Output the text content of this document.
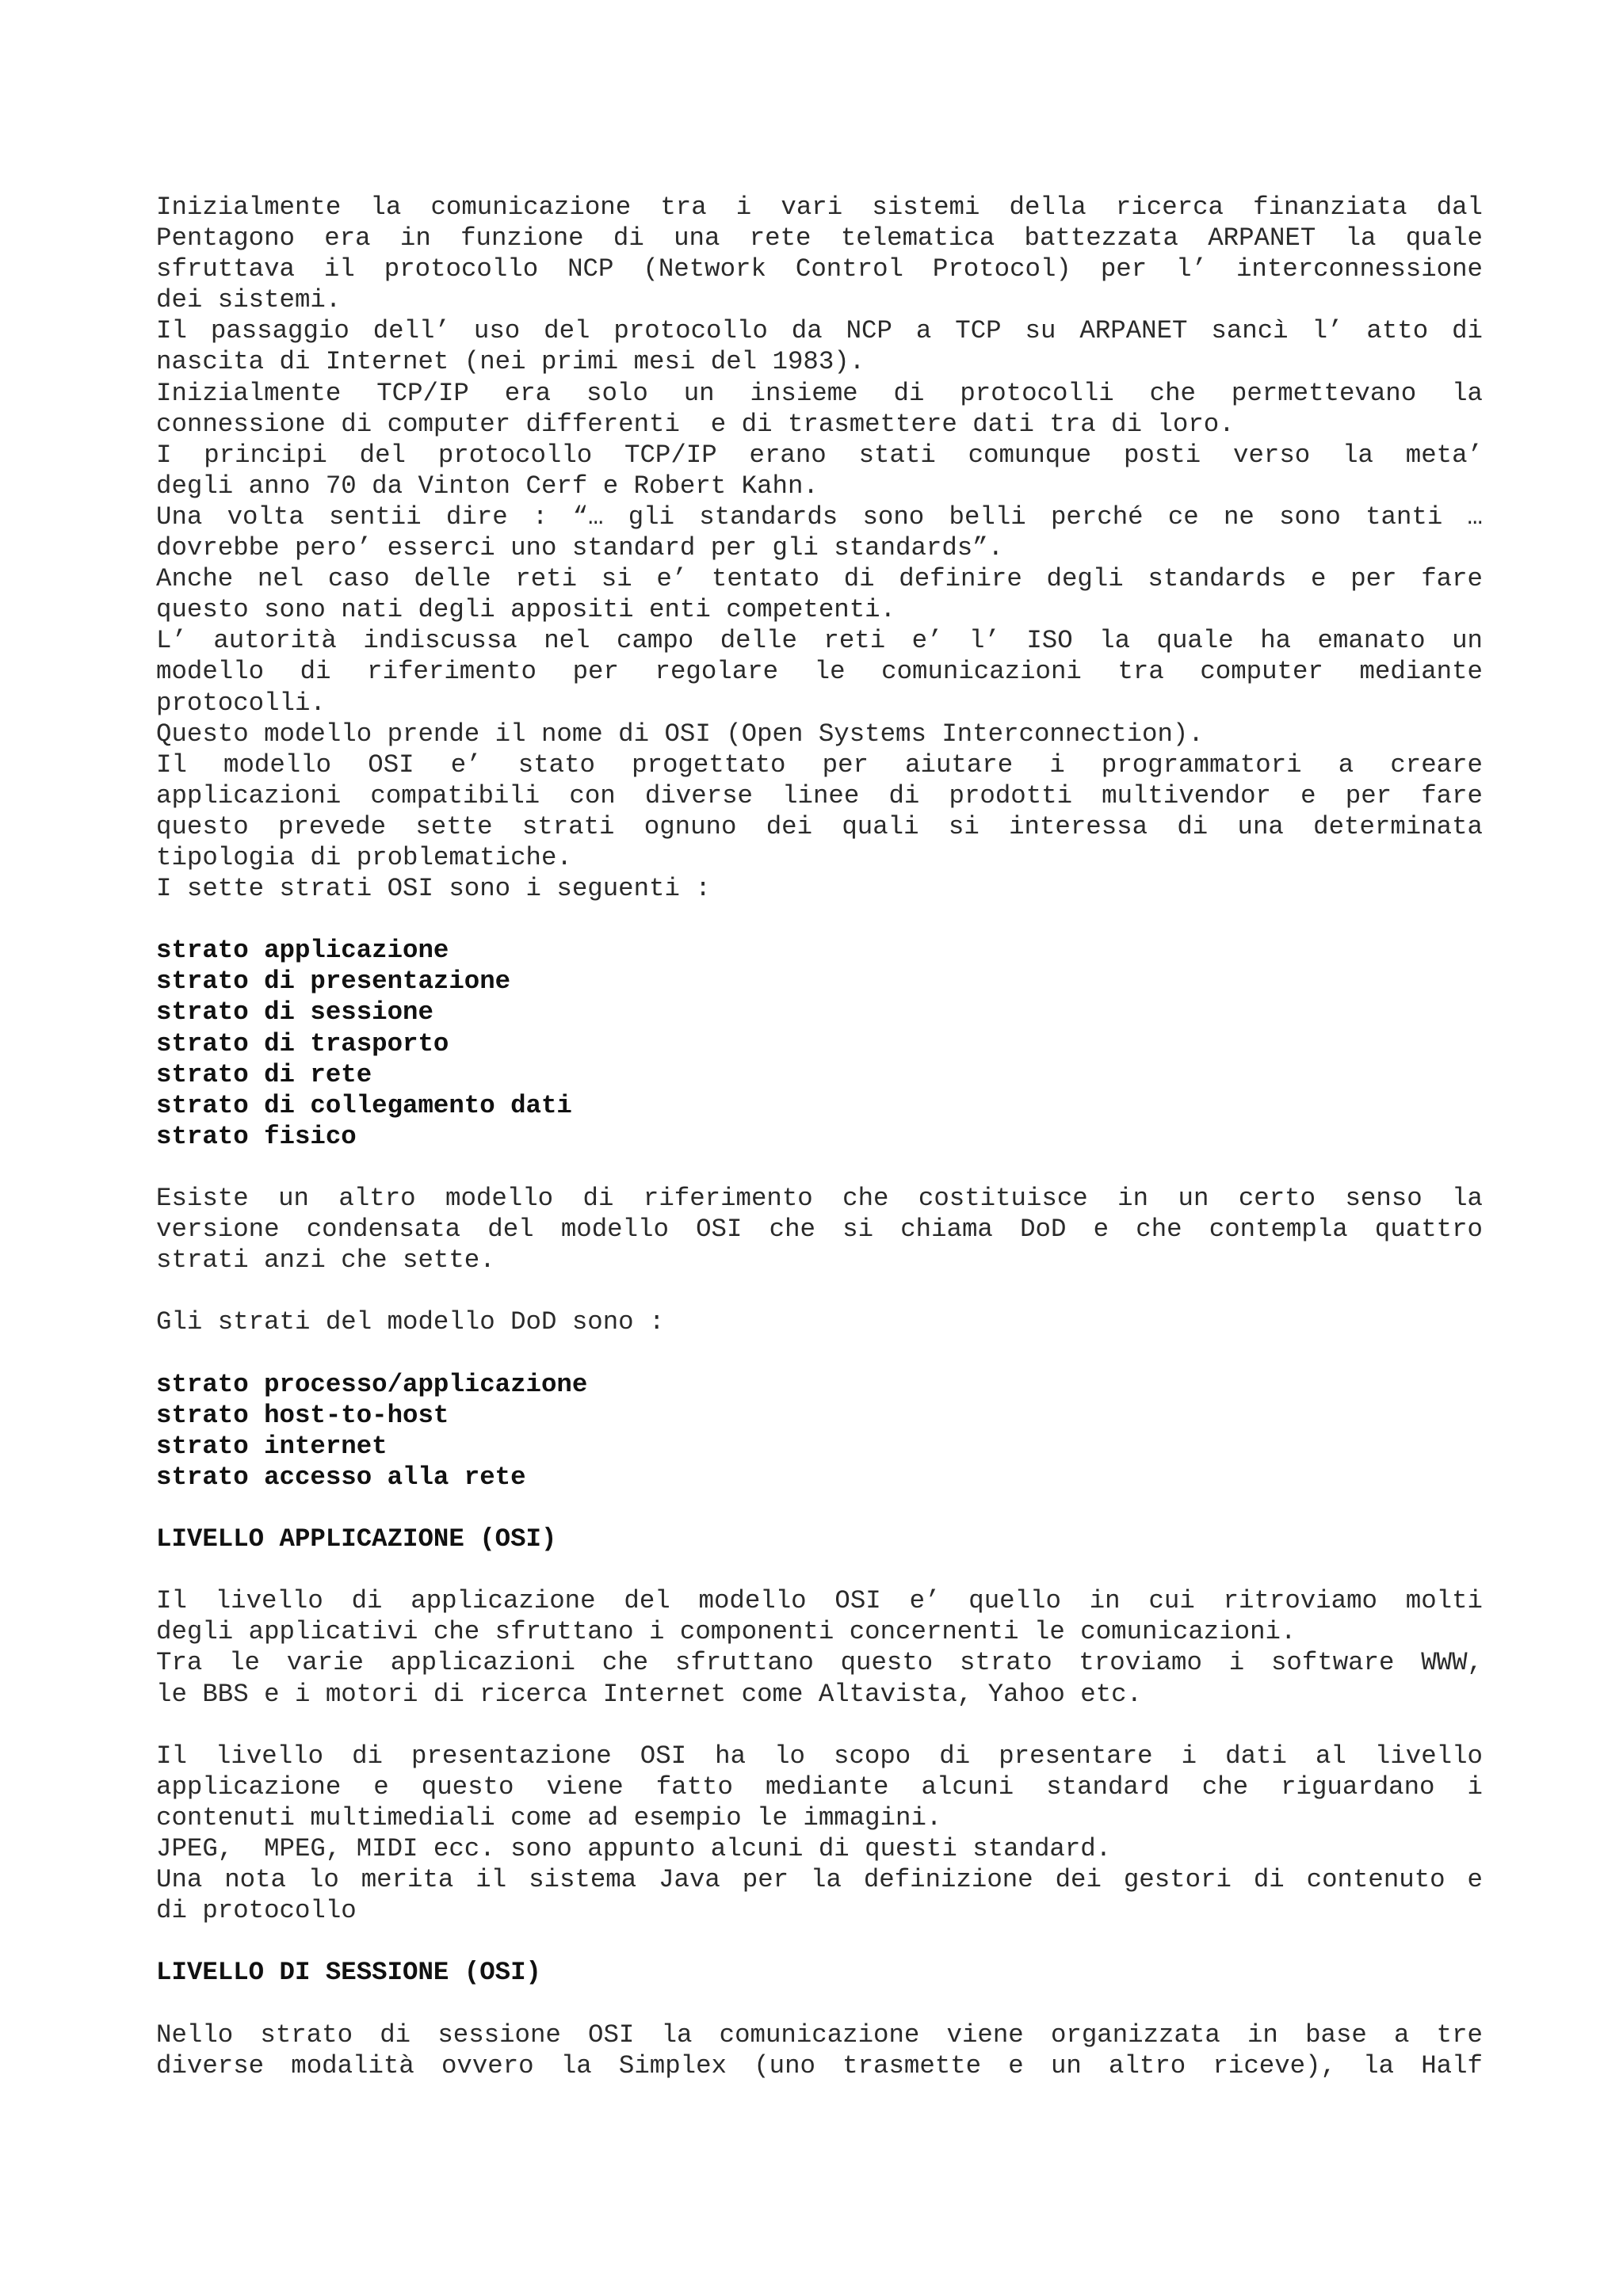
Inizialmente la comunicazione tra i vari sistemi della ricerca finanziata dal
Pentagono era in funzione di una rete telematica battezzata ARPANET la quale
sfruttava il protocollo NCP (Network Control Protocol) per l’ interconnessione
dei sistemi.
Il passaggio dell’ uso del protocollo da NCP a TCP su ARPANET sancì l’ atto di
nascita di Internet (nei primi mesi del 1983).
Inizialmente TCP/IP era solo un insieme di protocolli che permettevano la
connessione di computer differenti  e di trasmettere dati tra di loro.
I principi del protocollo TCP/IP erano stati comunque posti verso la meta’
degli anno 70 da Vinton Cerf e Robert Kahn.
Una volta sentii dire : “… gli standards sono belli perché ce ne sono tanti …
dovrebbe pero’ esserci uno standard per gli standards”.
Anche nel caso delle reti si e’ tentato di definire degli standards e per fare
questo sono nati degli appositi enti competenti.
L’ autorità indiscussa nel campo delle reti e’ l’ ISO la quale ha emanato un
modello di riferimento per regolare le comunicazioni tra computer mediante
protocolli.
Questo modello prende il nome di OSI (Open Systems Interconnection).
Il modello OSI e’ stato progettato per aiutare i programmatori a creare
applicazioni compatibili con diverse linee di prodotti multivendor e per fare
questo prevede sette strati ognuno dei quali si interessa di una determinata
tipologia di problematiche.
I sette strati OSI sono i seguenti :
strato applicazione
strato di presentazione
strato di sessione
strato di trasporto
strato di rete
strato di collegamento dati
strato fisico
Esiste un altro modello di riferimento che costituisce in un certo senso la
versione condensata del modello OSI che si chiama DoD e che contempla quattro
strati anzi che sette.
Gli strati del modello DoD sono :
strato processo/applicazione
strato host-to-host
strato internet
strato accesso alla rete
LIVELLO APPLICAZIONE (OSI)
Il livello di applicazione del modello OSI e’ quello in cui ritroviamo molti
degli applicativi che sfruttano i componenti concernenti le comunicazioni.
Tra le varie applicazioni che sfruttano questo strato troviamo i software WWW,
le BBS e i motori di ricerca Internet come Altavista, Yahoo etc.
Il livello di presentazione OSI ha lo scopo di presentare i dati al livello
applicazione e questo viene fatto mediante alcuni standard che riguardano i
contenuti multimediali come ad esempio le immagini.
JPEG,  MPEG, MIDI ecc. sono appunto alcuni di questi standard.
Una nota lo merita il sistema Java per la definizione dei gestori di contenuto e
di protocollo
LIVELLO DI SESSIONE (OSI)
Nello strato di sessione OSI la comunicazione viene organizzata in base a tre
diverse modalità ovvero la Simplex (uno trasmette e un altro riceve), la Half
